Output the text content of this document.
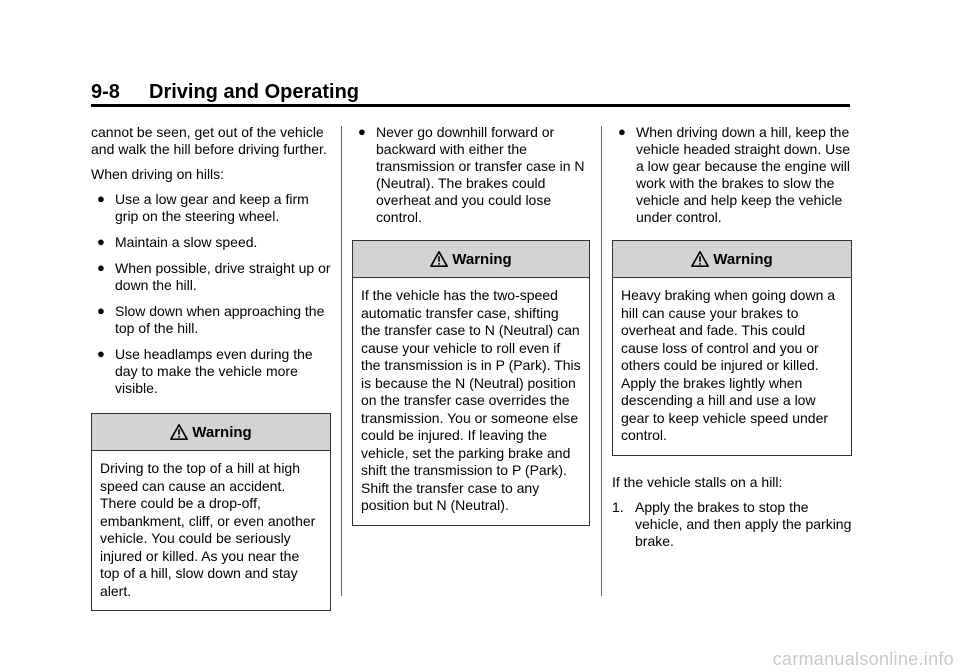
9-8 Driving and Operating

cannot be seen, get out of the vehicle and walk the hill before driving further.

When driving on hills:

● Use a low gear and keep a firm grip on the steering wheel.
● Maintain a slow speed.
● When possible, drive straight up or down the hill.
● Slow down when approaching the top of the hill.
● Use headlamps even during the day to make the vehicle more visible.
Warning
Driving to the top of a hill at high speed can cause an accident. There could be a drop-off, embankment, cliff, or even another vehicle. You could be seriously injured or killed. As you near the top of a hill, slow down and stay alert.
● Never go downhill forward or backward with either the transmission or transfer case in N (Neutral). The brakes could overheat and you could lose control.
Warning
If the vehicle has the two-speed automatic transfer case, shifting the transfer case to N (Neutral) can cause your vehicle to roll even if the transmission is in P (Park). This is because the N (Neutral) position on the transfer case overrides the transmission. You or someone else could be injured. If leaving the vehicle, set the parking brake and shift the transmission to P (Park). Shift the transfer case to any position but N (Neutral).
● When driving down a hill, keep the vehicle headed straight down. Use a low gear because the engine will work with the brakes to slow the vehicle and help keep the vehicle under control.
Warning
Heavy braking when going down a hill can cause your brakes to overheat and fade. This could cause loss of control and you or others could be injured or killed. Apply the brakes lightly when descending a hill and use a low gear to keep vehicle speed under control.

If the vehicle stalls on a hill:

1. Apply the brakes to stop the vehicle, and then apply the parking brake.
carmanualsonline.info
